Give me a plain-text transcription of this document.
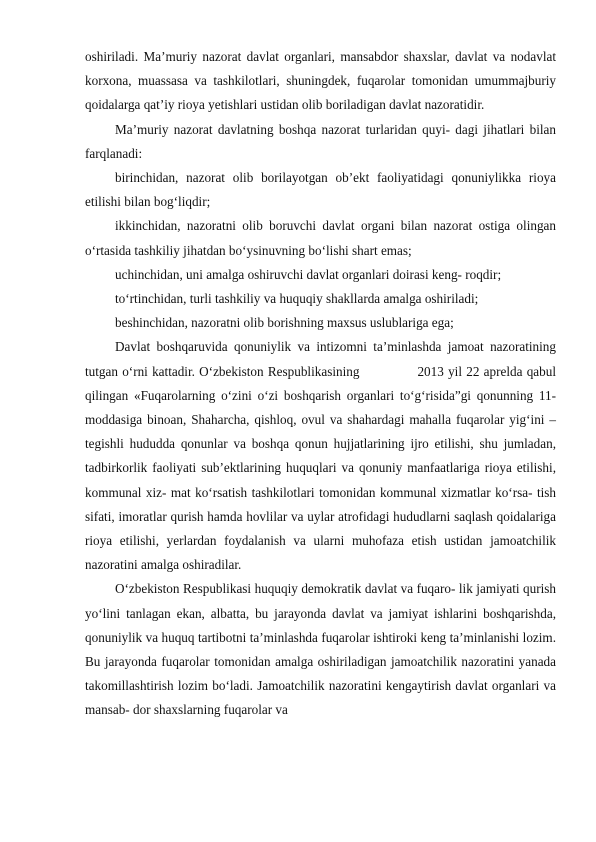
oshiriladi. Ma’muriy nazorat davlat organlari, mansabdor shaxslar, davlat va nodavlat korxona, muassasa va tashkilotlari, shuningdek, fuqarolar tomonidan umummajburiy qoidalarga qat’iy rioya yetishlari ustidan olib boriladigan davlat nazoratidir.

Ma’muriy nazorat davlatning boshqa nazorat turlaridan quyi- dagi jihatlari bilan farqlanadi:

birinchidan, nazorat olib borilayotgan ob’ekt faoliyatidagi qonuniylikka rioya etilishi bilan bog‘liqdir;

ikkinchidan, nazoratni olib boruvchi davlat organi bilan nazorat ostiga olingan o‘rtasida tashkiliy jihatdan bo‘ysinuvning bo‘lishi shart emas;

uchinchidan, uni amalga oshiruvchi davlat organlari doirasi keng- roqdir;

to‘rtinchidan, turli tashkiliy va huquqiy shakllarda amalga oshiriladi;

beshinchidan, nazoratni olib borishning maxsus uslublariga ega;

Davlat boshqaruvida qonuniylik va intizomni ta’minlashda jamoat nazoratining tutgan o‘rni kattadir. O‘zbekiston Respublikasining	2013 yil 22 aprelda qabul qilingan «Fuqarolarning o‘zini o‘zi boshqarish organlari to‘g‘risida”gi qonunning 11-moddasiga binoan, Shaharcha, qishloq, ovul va shahardagi mahalla fuqarolar yig‘ini – tegishli hududda qonunlar va boshqa qonun hujjatlarining ijro etilishi, shu jumladan, tadbirkorlik faoliyati sub’ektlarining huquqlari va qonuniy manfaatlariga rioya etilishi, kommunal xiz- mat ko‘rsatish tashkilotlari tomonidan kommunal xizmatlar ko‘rsa- tish sifati, imoratlar qurish hamda hovlilar va uylar atrofidagi hududlarni saqlash qoidalariga rioya etilishi, yerlardan foydalanish va ularni muhofaza etish ustidan jamoatchilik nazoratini amalga oshiradilar.

O‘zbekiston Respublikasi huquqiy demokratik davlat va fuqaro- lik jamiyati qurish yo‘lini tanlagan ekan, albatta, bu jarayonda davlat va jamiyat ishlarini boshqarishda, qonuniylik va huquq tartibotni ta’minlashda fuqarolar ishtiroki keng ta’minlanishi lozim. Bu jarayonda fuqarolar tomonidan amalga oshiriladigan jamoatchilik nazoratini yanada takomillashtirish lozim bo‘ladi. Jamoatchilik nazoratini kengaytirish davlat organlari va mansab- dor shaxslarning fuqarolar va
